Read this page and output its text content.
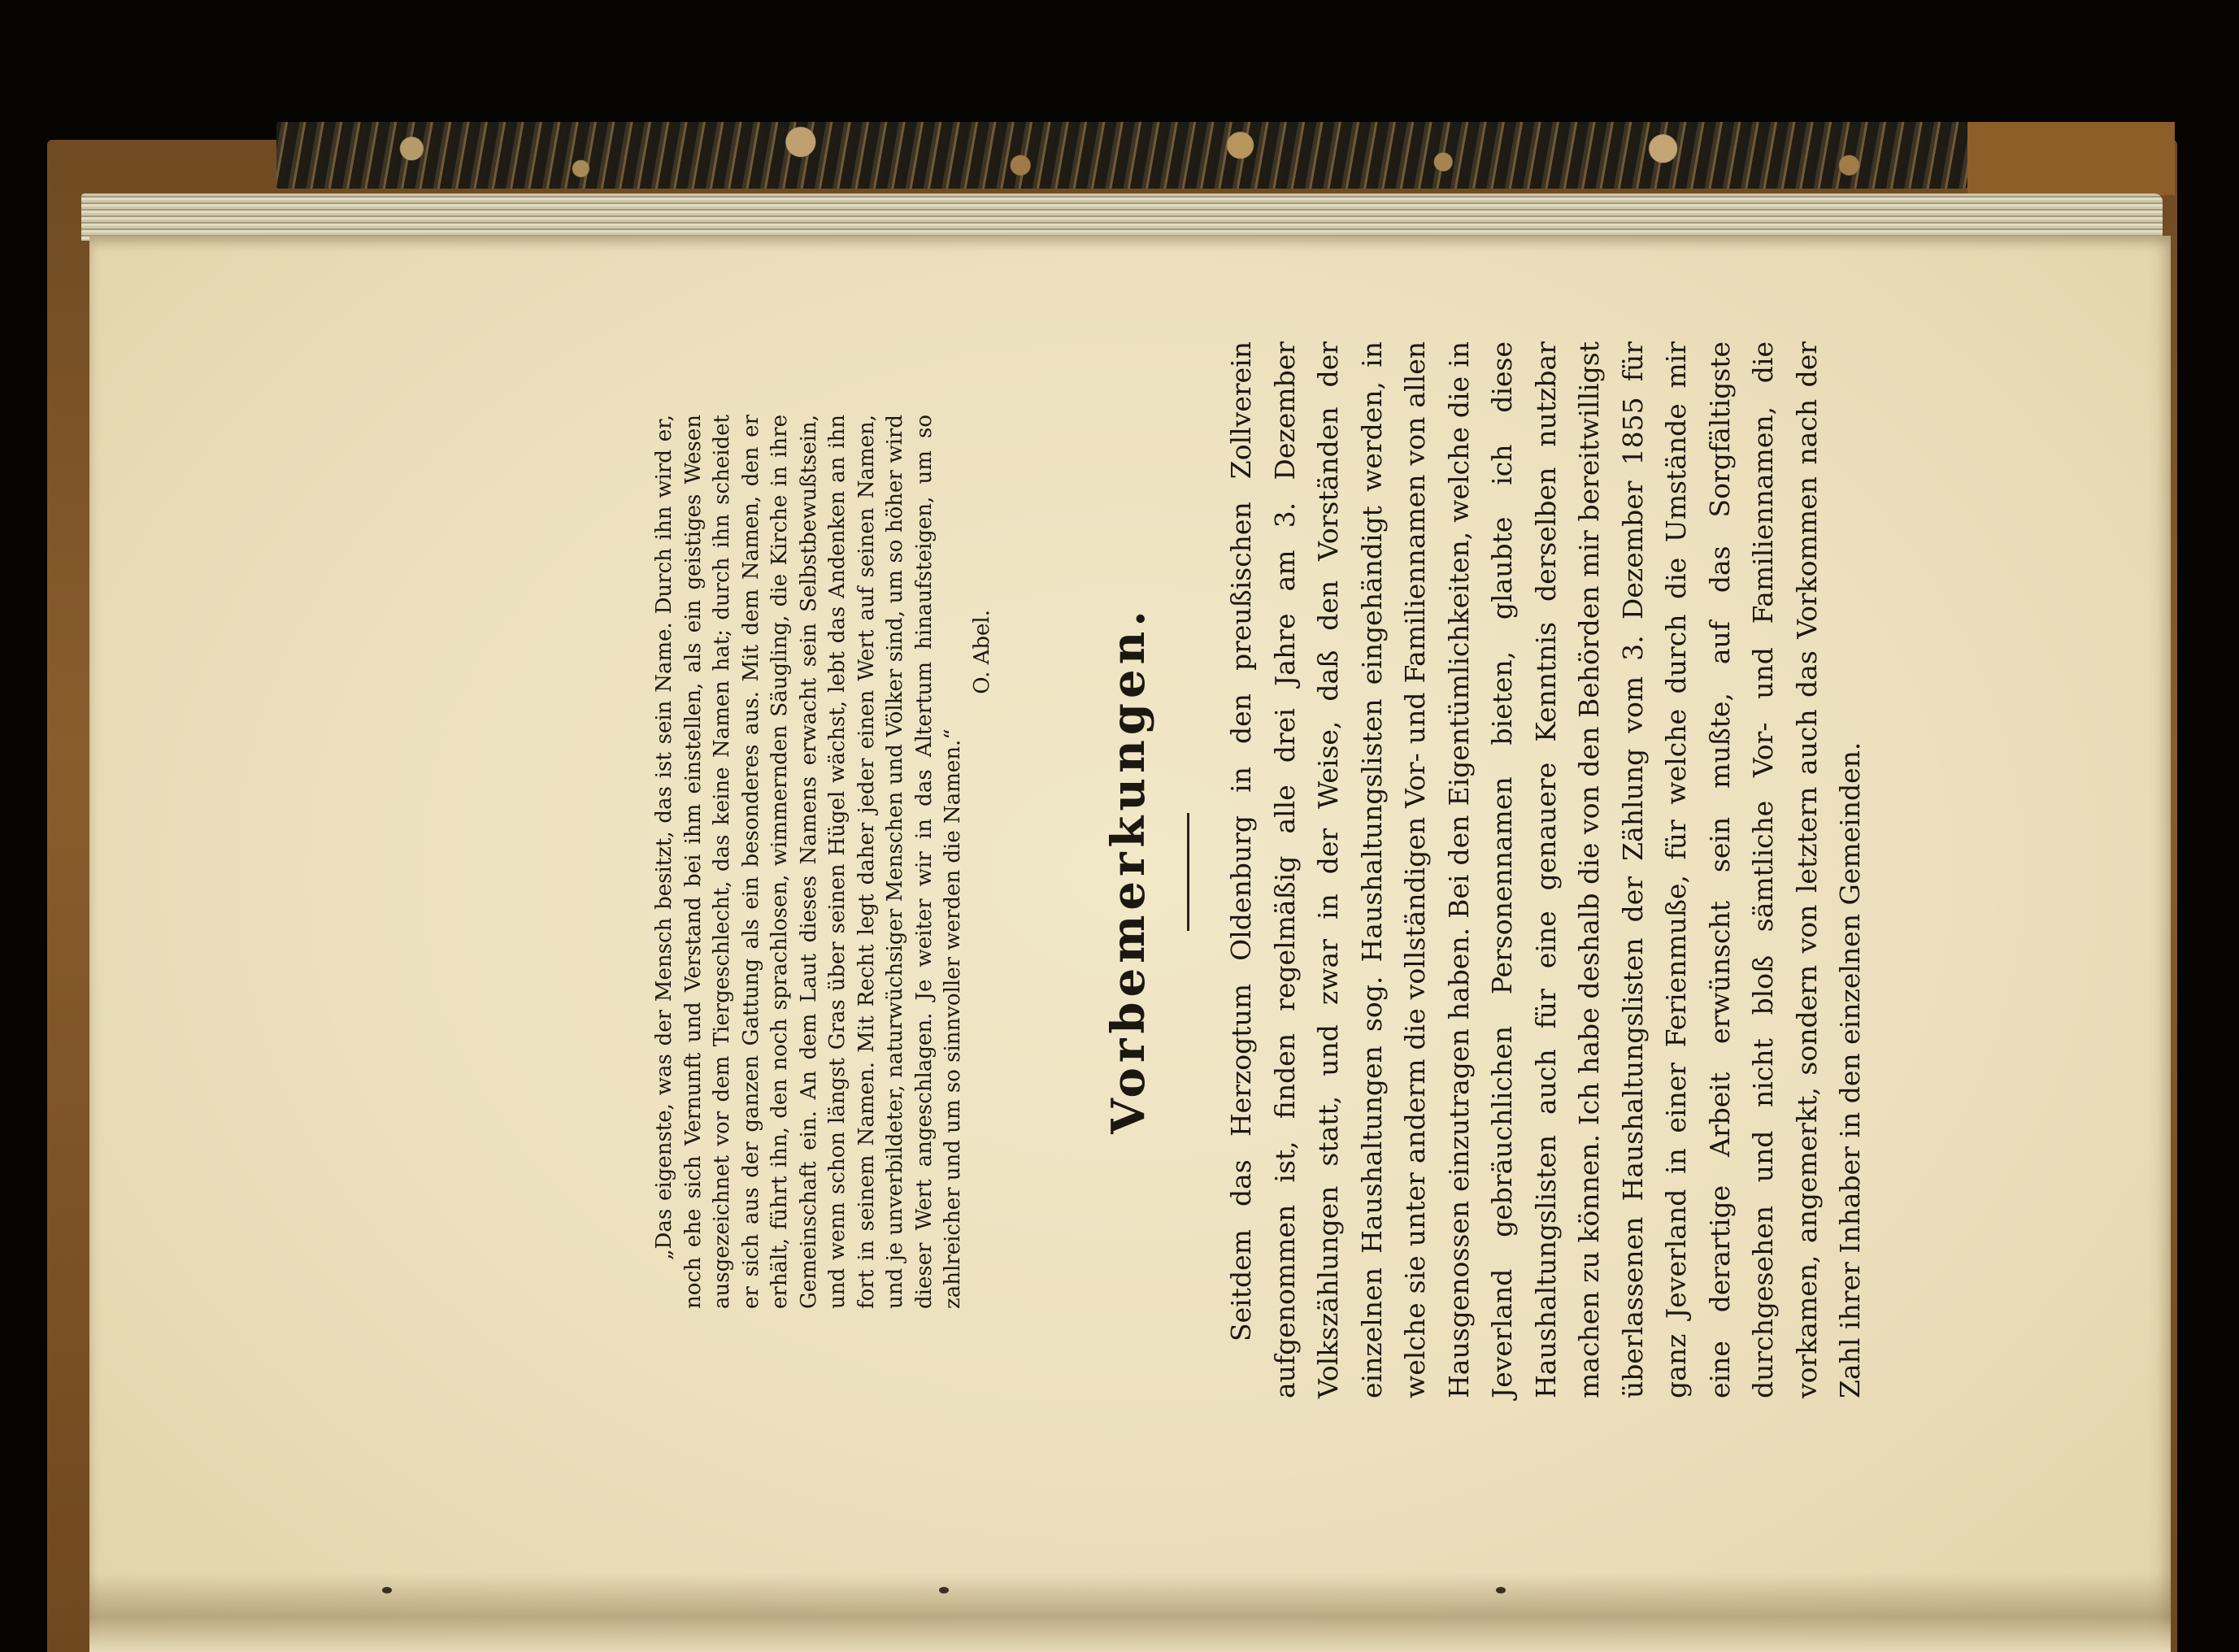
„Das eigenste, was der Mensch besitzt, das ist sein Name. Durch ihn wird er, noch ehe sich Vernunft und Verstand bei ihm einstellen, als ein geistiges Wesen ausgezeichnet vor dem Tiergeschlecht, das keine Namen hat; durch ihn scheidet er sich aus der ganzen Gattung als ein besonderes aus. Mit dem Namen, den er erhält, führt ihn, den noch sprachlosen, wimmernden Säugling, die Kirche in ihre Gemeinschaft ein. An dem Laut dieses Namens erwacht sein Selbstbewußtsein, und wenn schon längst Gras über seinen Hügel wächst, lebt das Andenken an ihn fort in seinem Namen. Mit Recht legt daher jeder einen Wert auf seinen Namen, und je unverbildeter, naturwüchsiger Menschen und Völker sind, um so höher wird dieser Wert angeschlagen. Je weiter wir in das Altertum hinaufsteigen, um so zahlreicher und um so sinnvoller werden die Namen.“

O. Abel. Vorbemerkungen.	Seitdem das Herzogtum Oldenburg in den preußischen Zollverein aufgenommen ist, finden regelmäßig alle drei Jahre am 3. Dezember Volkszählungen statt, und zwar in der Weise, daß den Vorständen der einzelnen Haushaltungen sog. Haushaltungslisten eingehändigt werden, in welche sie unter anderm die vollständigen Vor- und Familiennamen von allen Hausgenossen einzutragen haben. Bei den Eigentümlichkeiten, welche die in Jeverland gebräuchlichen Personennamen bieten, glaubte ich diese Haushaltungslisten auch für eine genauere Kenntnis derselben nutzbar machen zu können. Ich habe deshalb die von den Behörden mir bereitwilligst überlassenen Haushaltungslisten der Zählung vom 3. Dezember 1855 für ganz Jeverland in einer Ferienmuße, für welche durch die Umstände mir eine derartige Arbeit erwünscht sein mußte, auf das Sorgfältigste durchgesehen und nicht bloß sämtliche Vor- und Familiennamen, die vorkamen, angemerkt, sondern von letztern auch das Vorkommen nach der Zahl ihrer Inhaber in den einzelnen Gemeinden.
